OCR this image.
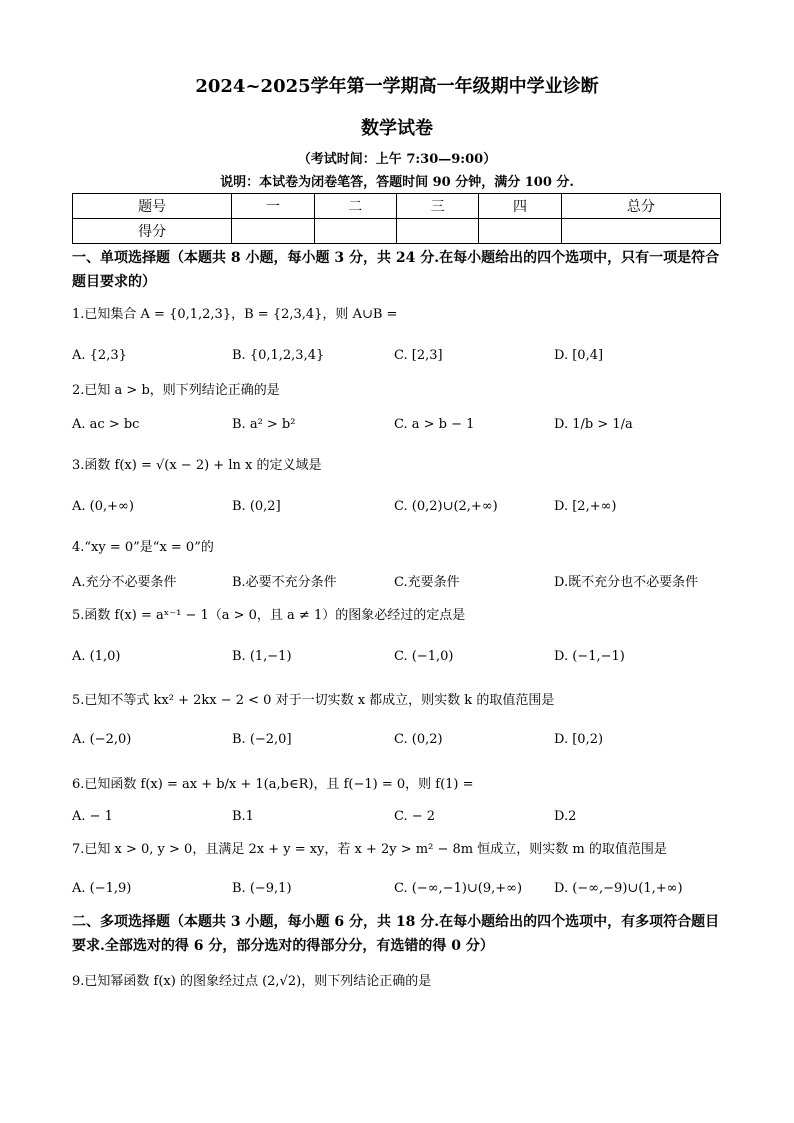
2024~2025学年第一学期高一年级期中学业诊断
数学试卷
（考试时间：上午 7:30—9:00）
说明：本试卷为闭卷笔答，答题时间 90 分钟，满分 100 分.
题号	一	二	三	四	总分
得分					
一、单项选择题（本题共 8 小题，每小题 3 分，共 24 分.在每小题给出的四个选项中，只有一项是符合题目要求的）
1.已知集合 A = {0,1,2,3}，B = {2,3,4}，则 A∪B =
A. {2,3}	B. {0,1,2,3,4}	C. [2,3]	D. [0,4]
2.已知 a > b，则下列结论正确的是
A. ac > bc	B. a² > b²	C. a > b − 1	D. 1/b > 1/a
3.函数 f(x) = √(x − 2) + ln x 的定义域是
A. (0,+∞)	B. (0,2]	C. (0,2)∪(2,+∞)	D. [2,+∞)
4.“xy = 0”是“x = 0”的
A.充分不必要条件	B.必要不充分条件	C.充要条件	D.既不充分也不必要条件
5.函数 f(x) = aˣ⁻¹ − 1（a > 0，且 a ≠ 1）的图象必经过的定点是
A. (1,0)	B. (1,−1)	C. (−1,0)	D. (−1,−1)
5.已知不等式 kx² + 2kx − 2 < 0 对于一切实数 x 都成立，则实数 k 的取值范围是
A. (−2,0)	B. (−2,0]	C. (0,2)	D. [0,2)
6.已知函数 f(x) = ax + b/x + 1(a,b∈R)，且 f(−1) = 0，则 f(1) =
A. − 1	B.1	C. − 2	D.2
7.已知 x > 0, y > 0，且满足 2x + y = xy，若 x + 2y > m² − 8m 恒成立，则实数 m 的取值范围是
A. (−1,9)	B. (−9,1)	C. (−∞,−1)∪(9,+∞) D. (−∞,−9)∪(1,+∞)
二、多项选择题（本题共 3 小题，每小题 6 分，共 18 分.在每小题给出的四个选项中，有多项符合题目要求.全部选对的得 6 分，部分选对的得部分分，有选错的得 0 分）
9.已知幂函数 f(x) 的图象经过点 (2,√2)，则下列结论正确的是
